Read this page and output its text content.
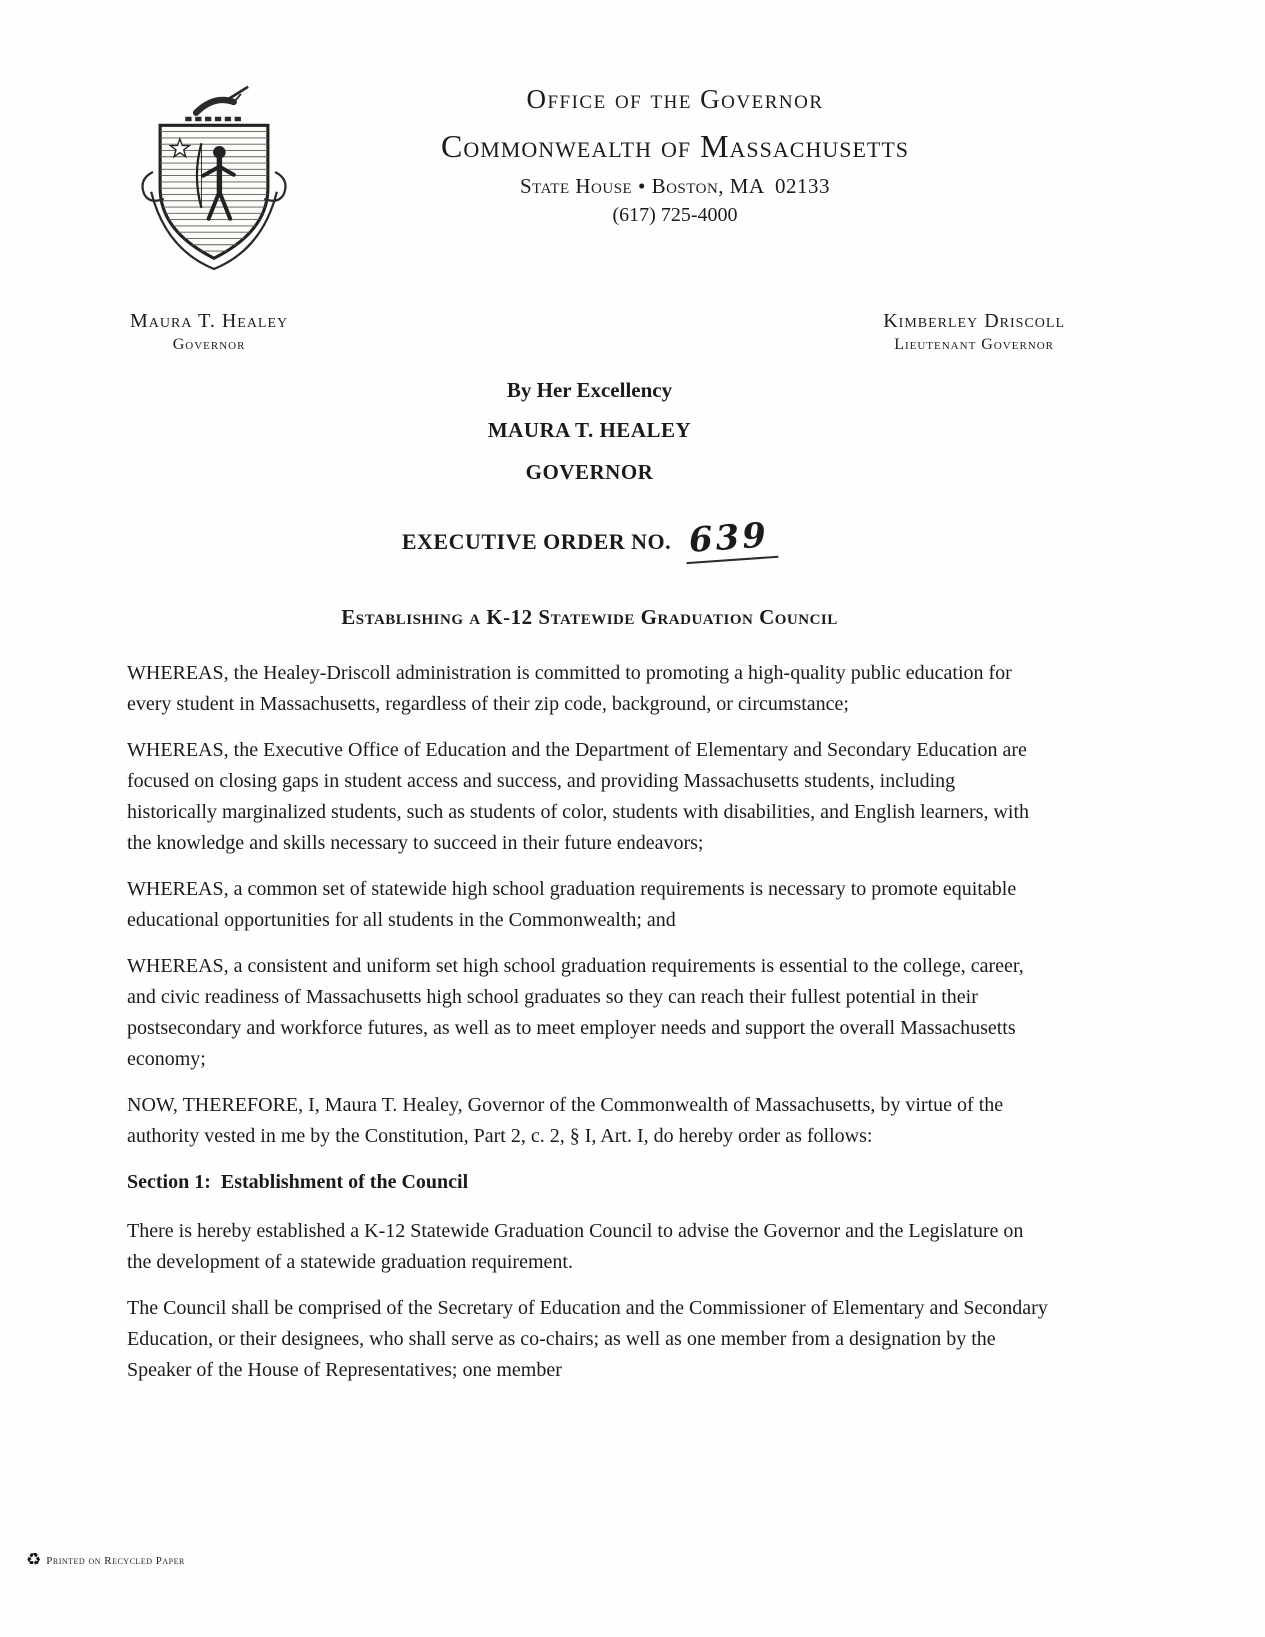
Office of the Governor
Commonwealth of Massachusetts
State House • Boston, MA  02133
(617) 725-4000
Maura T. Healey
Governor
Kimberley Driscoll
Lieutenant Governor
By Her Excellency
MAURA T. HEALEY
GOVERNOR
EXECUTIVE ORDER NO. 639
Establishing a K-12 Statewide Graduation Council

WHEREAS, the Healey-Driscoll administration is committed to promoting a high-quality public education for every student in Massachusetts, regardless of their zip code, background, or circumstance;

WHEREAS, the Executive Office of Education and the Department of Elementary and Secondary Education are focused on closing gaps in student access and success, and providing Massachusetts students, including historically marginalized students, such as students of color, students with disabilities, and English learners, with the knowledge and skills necessary to succeed in their future endeavors;

WHEREAS, a common set of statewide high school graduation requirements is necessary to promote equitable educational opportunities for all students in the Commonwealth; and

WHEREAS, a consistent and uniform set high school graduation requirements is essential to the college, career, and civic readiness of Massachusetts high school graduates so they can reach their fullest potential in their postsecondary and workforce futures, as well as to meet employer needs and support the overall Massachusetts economy;

NOW, THEREFORE, I, Maura T. Healey, Governor of the Commonwealth of Massachusetts, by virtue of the authority vested in me by the Constitution, Part 2, c. 2, § I, Art. I, do hereby order as follows:

Section 1:  Establishment of the Council

There is hereby established a K-12 Statewide Graduation Council to advise the Governor and the Legislature on the development of a statewide graduation requirement.

The Council shall be comprised of the Secretary of Education and the Commissioner of Elementary and Secondary Education, or their designees, who shall serve as co-chairs; as well as one member from a designation by the Speaker of the House of Representatives; one member

♻ Printed on Recycled Paper
